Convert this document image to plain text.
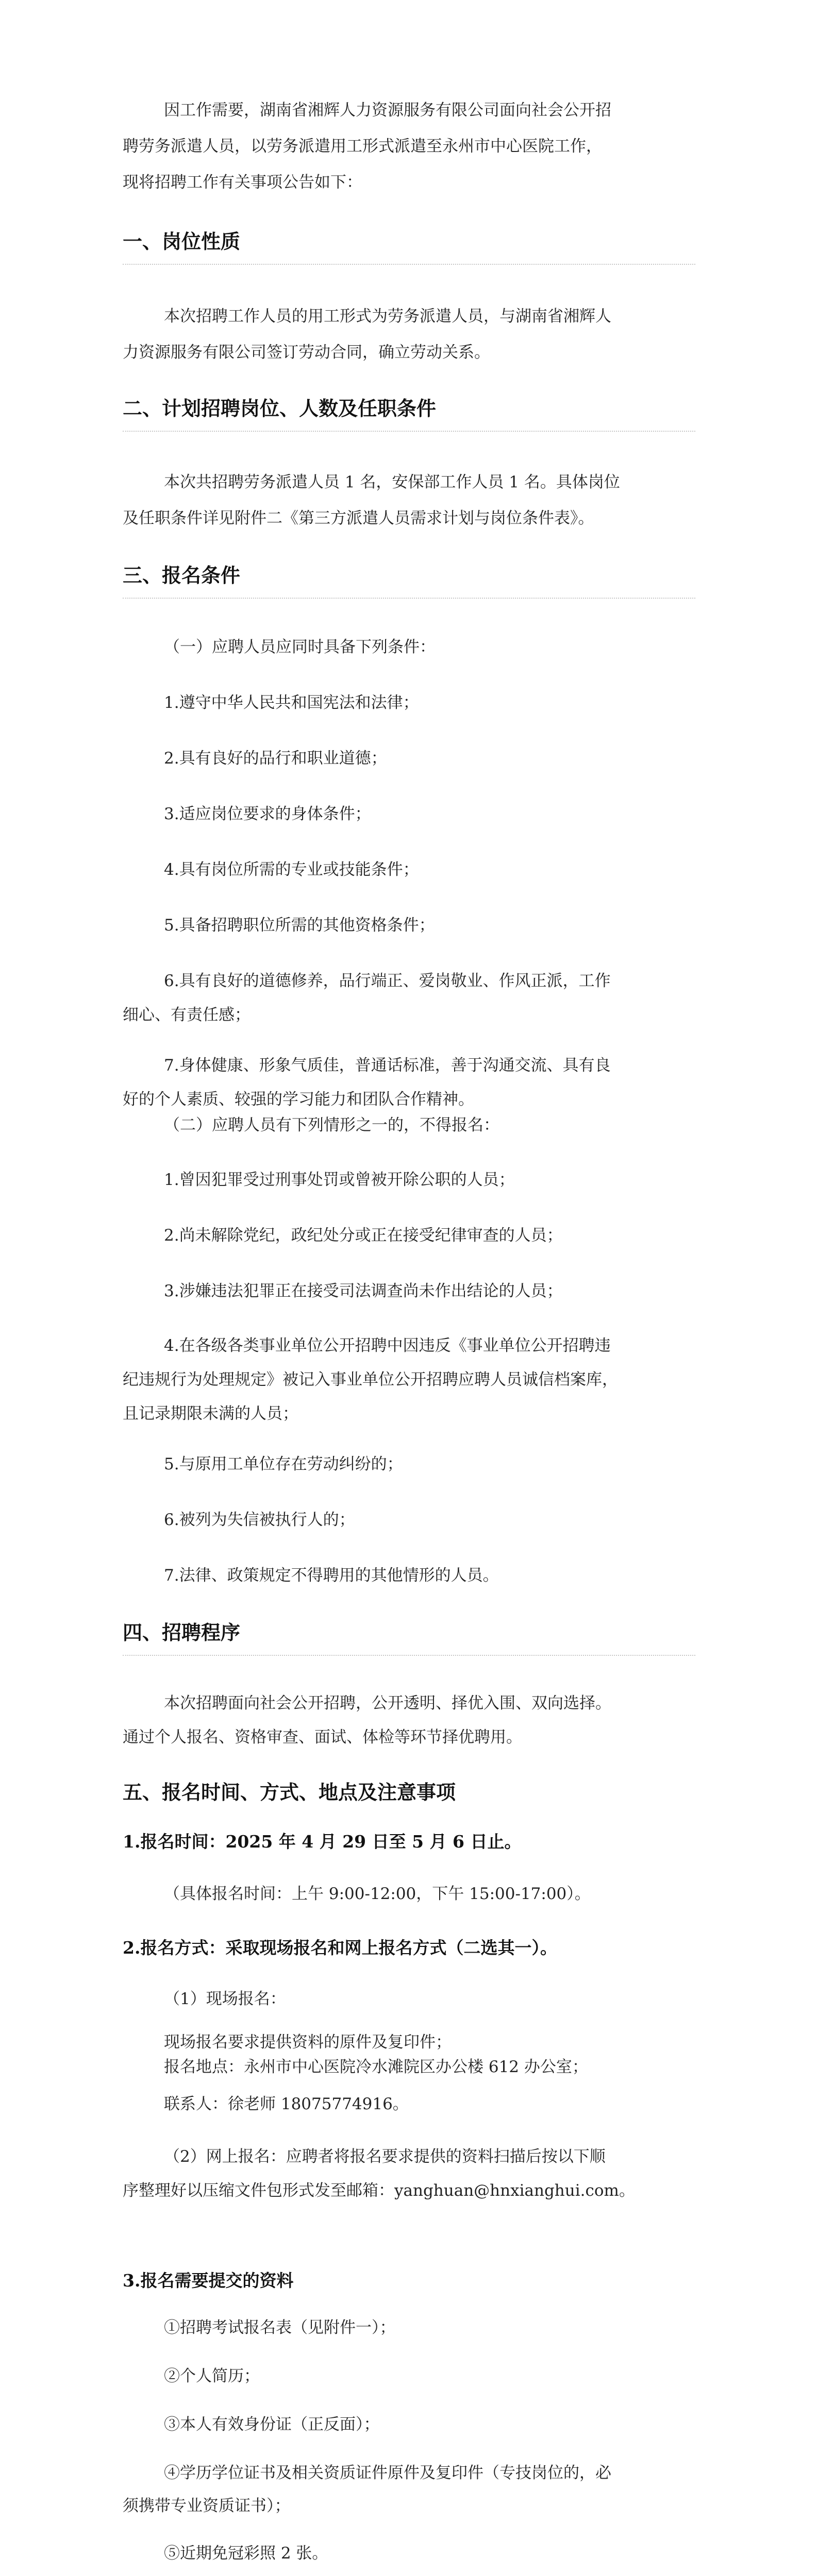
因工作需要，湖南省湘辉人力资源服务有限公司面向社会公开招
聘劳务派遣人员，以劳务派遣用工形式派遣至永州市中心医院工作，
现将招聘工作有关事项公告如下：
一、岗位性质
本次招聘工作人员的用工形式为劳务派遣人员，与湖南省湘辉人
力资源服务有限公司签订劳动合同，确立劳动关系。
二、计划招聘岗位、人数及任职条件
本次共招聘劳务派遣人员 1 名，安保部工作人员 1 名。具体岗位
及任职条件详见附件二《第三方派遣人员需求计划与岗位条件表》。
三、报名条件
（一）应聘人员应同时具备下列条件：
1.遵守中华人民共和国宪法和法律；
2.具有良好的品行和职业道德；
3.适应岗位要求的身体条件；
4.具有岗位所需的专业或技能条件；
5.具备招聘职位所需的其他资格条件；
6.具有良好的道德修养，品行端正、爱岗敬业、作风正派，工作
细心、有责任感；
7.身体健康、形象气质佳，普通话标准，善于沟通交流、具有良
好的个人素质、较强的学习能力和团队合作精神。
（二）应聘人员有下列情形之一的，不得报名：
1.曾因犯罪受过刑事处罚或曾被开除公职的人员；
2.尚未解除党纪，政纪处分或正在接受纪律审查的人员；
3.涉嫌违法犯罪正在接受司法调查尚未作出结论的人员；
4.在各级各类事业单位公开招聘中因违反《事业单位公开招聘违
纪违规行为处理规定》被记入事业单位公开招聘应聘人员诚信档案库，
且记录期限未满的人员；
5.与原用工单位存在劳动纠纷的；
6.被列为失信被执行人的；
7.法律、政策规定不得聘用的其他情形的人员。
四、招聘程序
本次招聘面向社会公开招聘，公开透明、择优入围、双向选择。
通过个人报名、资格审查、面试、体检等环节择优聘用。
五、报名时间、方式、地点及注意事项
1.报名时间：2025 年 4 月 29 日至 5 月 6 日止。
（具体报名时间：上午 9:00-12:00，下午 15:00-17:00）。
2.报名方式：采取现场报名和网上报名方式（二选其一）。
（1）现场报名：
现场报名要求提供资料的原件及复印件；
报名地点：永州市中心医院冷水滩院区办公楼 612 办公室；
联系人：徐老师 18075774916。
（2）网上报名：应聘者将报名要求提供的资料扫描后按以下顺
序整理好以压缩文件包形式发至邮箱：yanghuan@hnxianghui.com。
3.报名需要提交的资料
①招聘考试报名表（见附件一）；
②个人简历；
③本人有效身份证（正反面）；
④学历学位证书及相关资质证件原件及复印件（专技岗位的，必
须携带专业资质证书）；
⑤近期免冠彩照 2 张。
